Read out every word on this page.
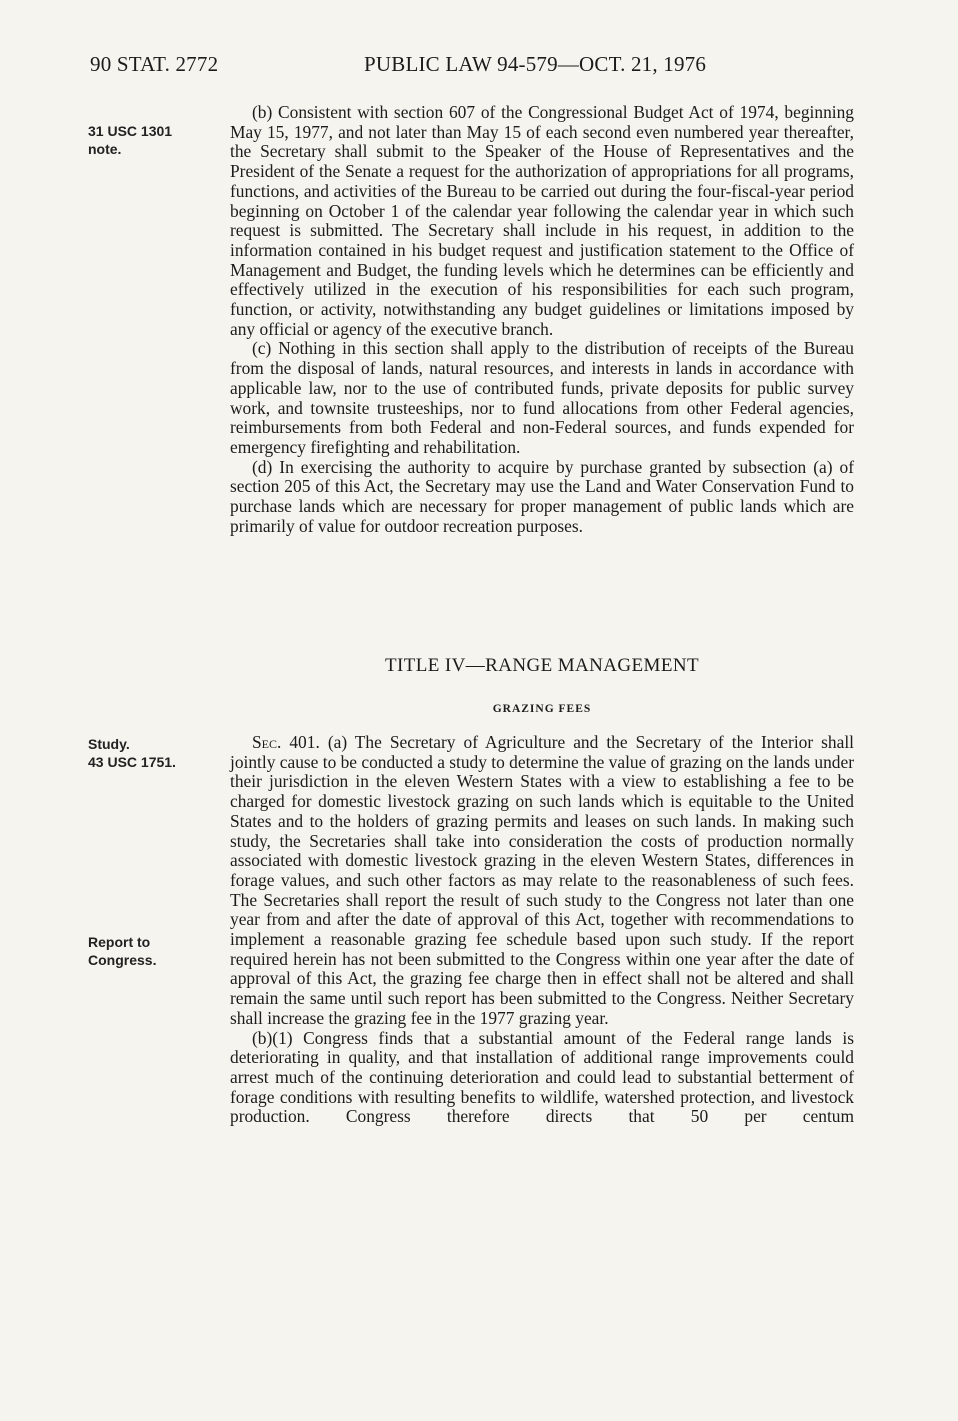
90 STAT. 2772	PUBLIC LAW 94-579—OCT. 21, 1976
31 USC 1301
note.
Study.
43 USC 1751.
Report to
Congress.

(b) Consistent with section 607 of the Congressional Budget Act of 1974, beginning May 15, 1977, and not later than May 15 of each second even numbered year thereafter, the Secretary shall submit to the Speaker of the House of Representatives and the President of the Senate a request for the authorization of appropriations for all programs, functions, and activities of the Bureau to be carried out during the four-fiscal-year period beginning on October 1 of the calendar year following the calendar year in which such request is submitted. The Secretary shall include in his request, in addition to the information contained in his budget request and justification statement to the Office of Management and Budget, the funding levels which he determines can be efficiently and effectively utilized in the execution of his responsibilities for each such program, function, or activity, notwithstanding any budget guidelines or limitations imposed by any official or agency of the executive branch.

(c) Nothing in this section shall apply to the distribution of receipts of the Bureau from the disposal of lands, natural resources, and interests in lands in accordance with applicable law, nor to the use of contributed funds, private deposits for public survey work, and townsite trusteeships, nor to fund allocations from other Federal agencies, reimbursements from both Federal and non-Federal sources, and funds expended for emergency firefighting and rehabilitation.

(d) In exercising the authority to acquire by purchase granted by subsection (a) of section 205 of this Act, the Secretary may use the Land and Water Conservation Fund to purchase lands which are necessary for proper management of public lands which are primarily of value for outdoor recreation purposes.

TITLE IV—RANGE MANAGEMENT
GRAZING FEES

Sec. 401. (a) The Secretary of Agriculture and the Secretary of the Interior shall jointly cause to be conducted a study to determine the value of grazing on the lands under their jurisdiction in the eleven Western States with a view to establishing a fee to be charged for domestic livestock grazing on such lands which is equitable to the United States and to the holders of grazing permits and leases on such lands. In making such study, the Secretaries shall take into consideration the costs of production normally associated with domestic livestock grazing in the eleven Western States, differences in forage values, and such other factors as may relate to the reasonableness of such fees. The Secretaries shall report the result of such study to the Congress not later than one year from and after the date of approval of this Act, together with recommendations to implement a reasonable grazing fee schedule based upon such study. If the report required herein has not been submitted to the Congress within one year after the date of approval of this Act, the grazing fee charge then in effect shall not be altered and shall remain the same until such report has been submitted to the Congress. Neither Secretary shall increase the grazing fee in the 1977 grazing year.

(b)(1) Congress finds that a substantial amount of the Federal range lands is deteriorating in quality, and that installation of additional range improvements could arrest much of the continuing deterioration and could lead to substantial betterment of forage conditions with resulting benefits to wildlife, watershed protection, and livestock production. Congress therefore directs that 50 per centum
